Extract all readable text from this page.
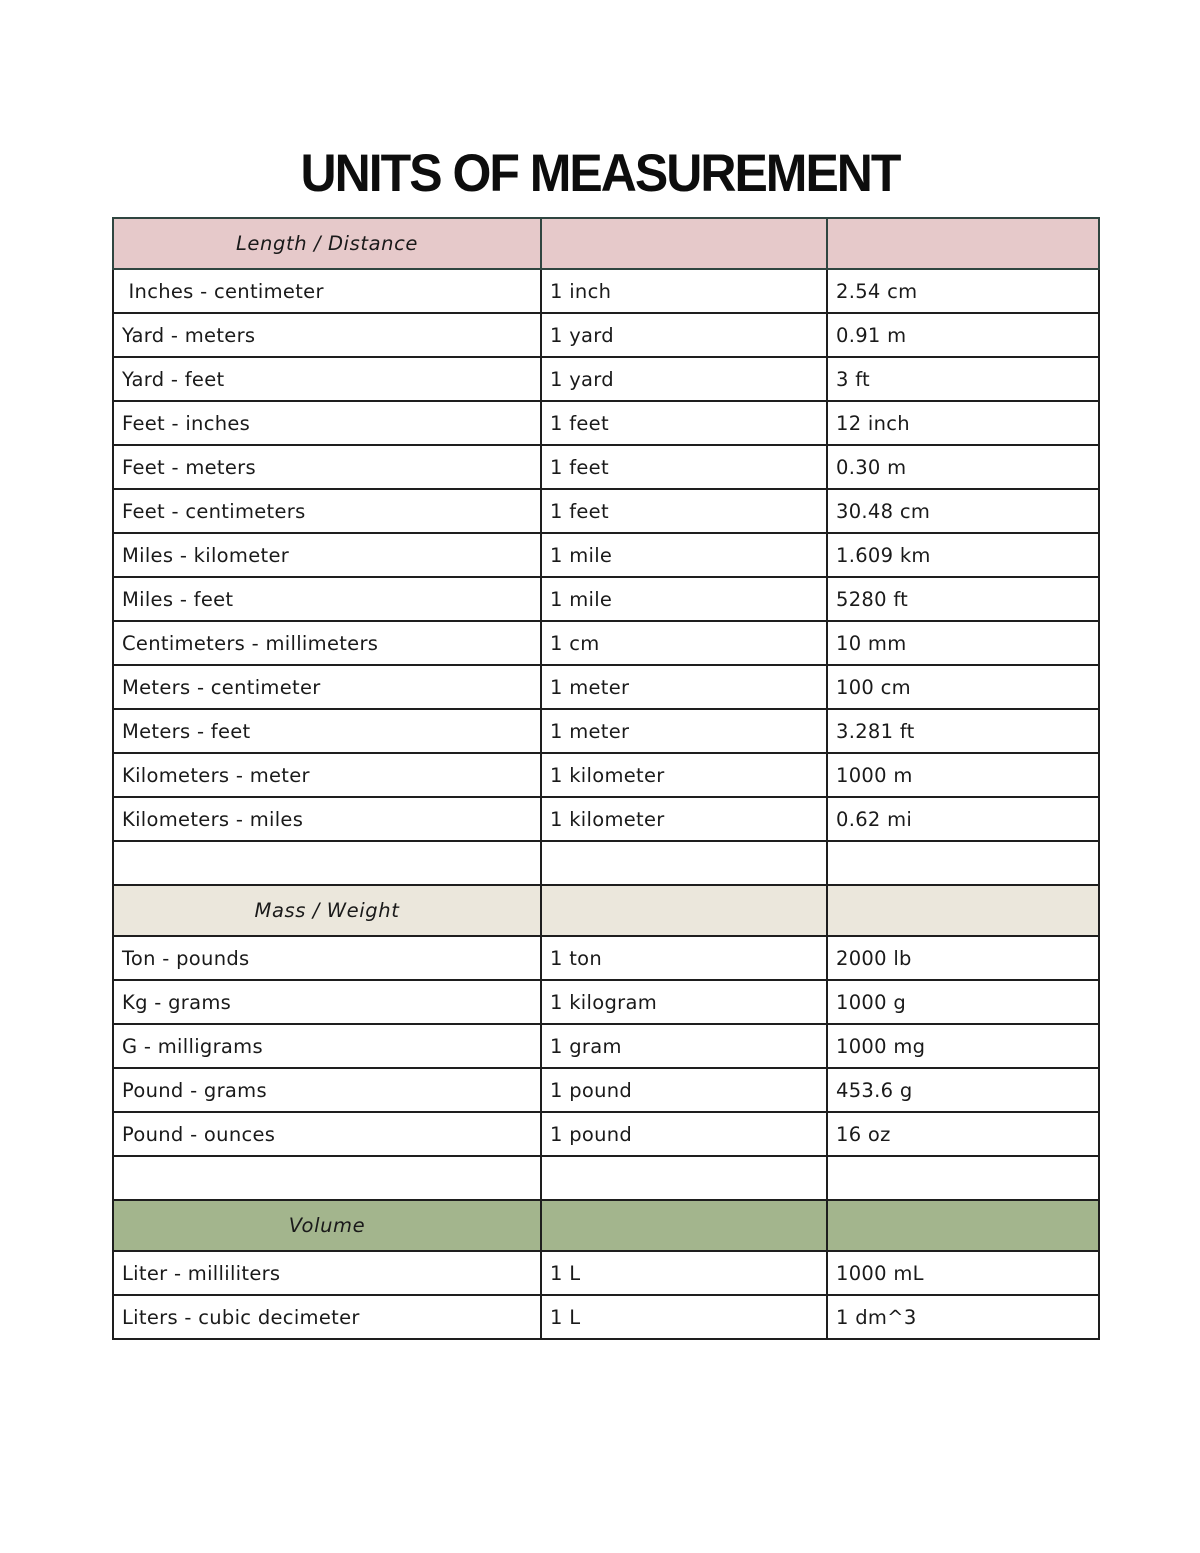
UNITS OF MEASUREMENT
Length / Distance		
Inches - centimeter	1 inch	2.54 cm
Yard - meters	1 yard	0.91 m
Yard - feet	1 yard	3 ft
Feet - inches	1 feet	12 inch
Feet - meters	1 feet	0.30 m
Feet - centimeters	1 feet	30.48 cm
Miles - kilometer	1 mile	1.609 km
Miles - feet	1 mile	5280 ft
Centimeters - millimeters	1 cm	10 mm
Meters - centimeter	1 meter	100 cm
Meters - feet	1 meter	3.281 ft
Kilometers - meter	1 kilometer	1000 m
Kilometers - miles	1 kilometer	0.62 mi

Mass / Weight		
Ton - pounds	1 ton	2000 lb
Kg - grams	1 kilogram	1000 g
G - milligrams	1 gram	1000 mg
Pound - grams	1 pound	453.6 g
Pound - ounces	1 pound	16 oz

Volume		
Liter - milliliters	1 L	1000 mL
Liters - cubic decimeter	1 L	1 dm^3
